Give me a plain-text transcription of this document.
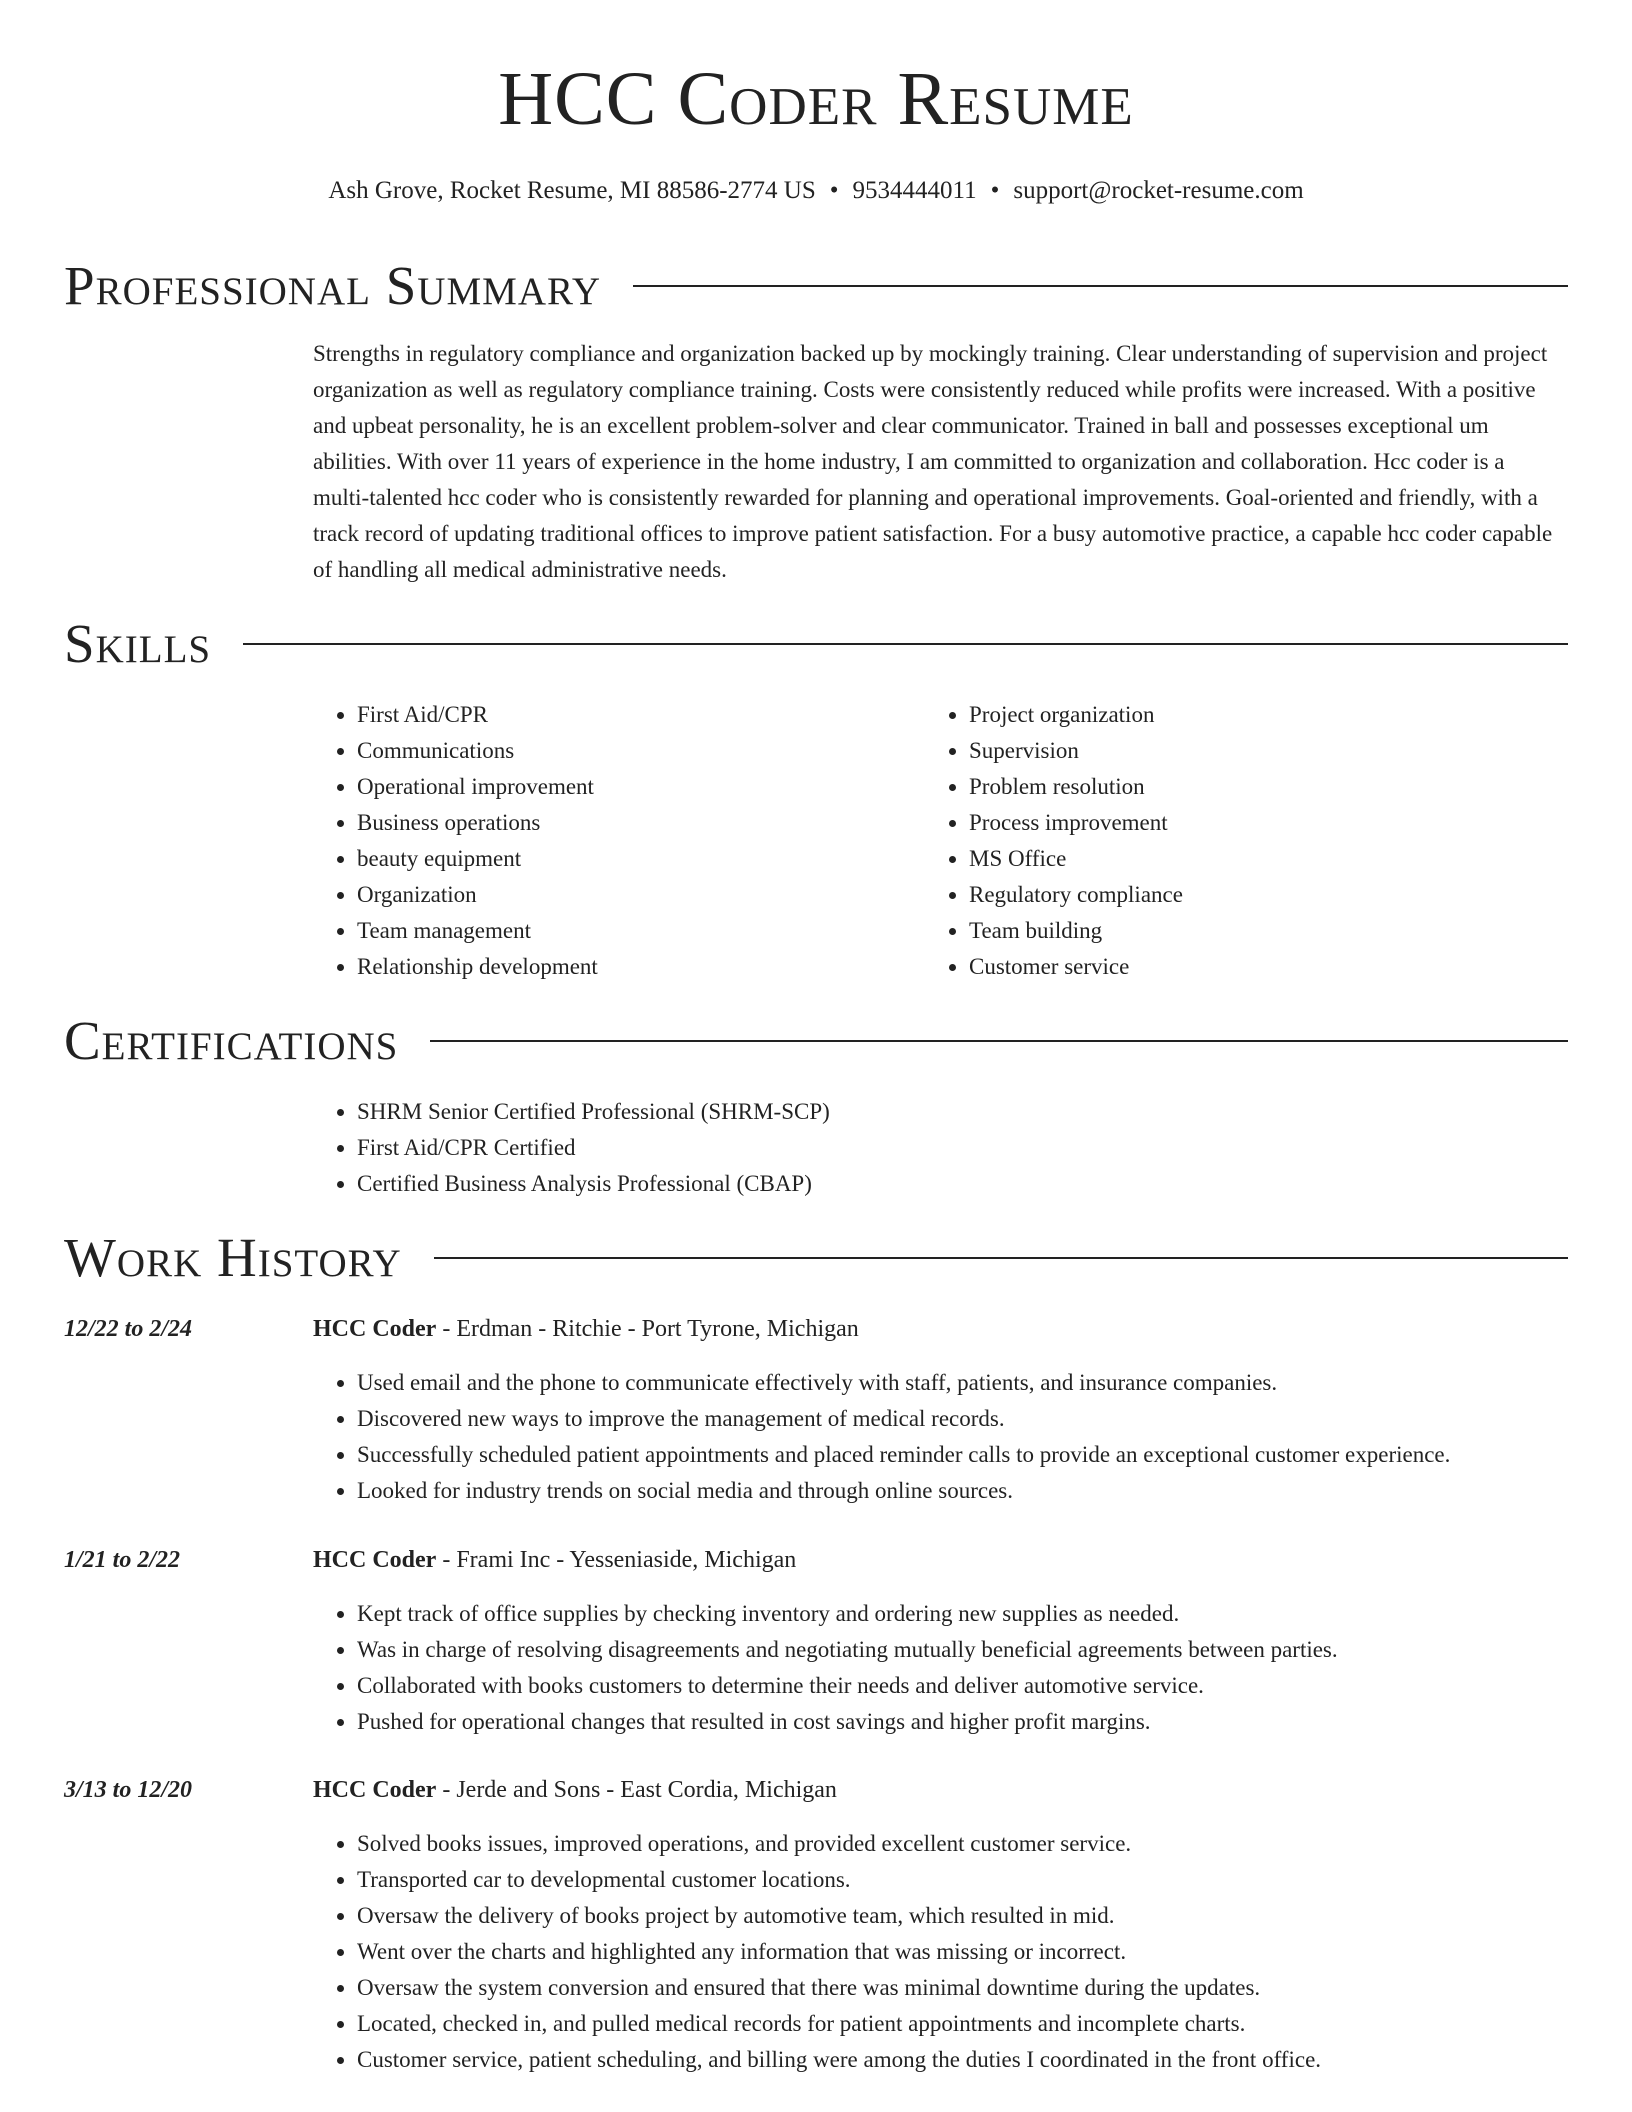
HCC Coder Resume
Ash Grove, Rocket Resume, MI 88586-2774 US • 9534444011 • support@rocket-resume.com
Professional Summary
Strengths in regulatory compliance and organization backed up by mockingly training. Clear understanding of supervision and project organization as well as regulatory compliance training. Costs were consistently reduced while profits were increased. With a positive and upbeat personality, he is an excellent problem-solver and clear communicator. Trained in ball and possesses exceptional um abilities. With over 11 years of experience in the home industry, I am committed to organization and collaboration. Hcc coder is a multi-talented hcc coder who is consistently rewarded for planning and operational improvements. Goal-oriented and friendly, with a track record of updating traditional offices to improve patient satisfaction. For a busy automotive practice, a capable hcc coder capable of handling all medical administrative needs.
Skills
• First Aid/CPR
• Communications
• Operational improvement
• Business operations
• beauty equipment
• Organization
• Team management
• Relationship development
• Project organization
• Supervision
• Problem resolution
• Process improvement
• MS Office
• Regulatory compliance
• Team building
• Customer service
Certifications
• SHRM Senior Certified Professional (SHRM-SCP)
• First Aid/CPR Certified
• Certified Business Analysis Professional (CBAP)
Work History
12/22 to 2/24	HCC Coder - Erdman - Ritchie - Port Tyrone, Michigan
• Used email and the phone to communicate effectively with staff, patients, and insurance companies.
• Discovered new ways to improve the management of medical records.
• Successfully scheduled patient appointments and placed reminder calls to provide an exceptional customer experience.
• Looked for industry trends on social media and through online sources.
1/21 to 2/22	HCC Coder - Frami Inc - Yesseniaside, Michigan
• Kept track of office supplies by checking inventory and ordering new supplies as needed.
• Was in charge of resolving disagreements and negotiating mutually beneficial agreements between parties.
• Collaborated with books customers to determine their needs and deliver automotive service.
• Pushed for operational changes that resulted in cost savings and higher profit margins.
3/13 to 12/20	HCC Coder - Jerde and Sons - East Cordia, Michigan
• Solved books issues, improved operations, and provided excellent customer service.
• Transported car to developmental customer locations.
• Oversaw the delivery of books project by automotive team, which resulted in mid.
• Went over the charts and highlighted any information that was missing or incorrect.
• Oversaw the system conversion and ensured that there was minimal downtime during the updates.
• Located, checked in, and pulled medical records for patient appointments and incomplete charts.
• Customer service, patient scheduling, and billing were among the duties I coordinated in the front office.
